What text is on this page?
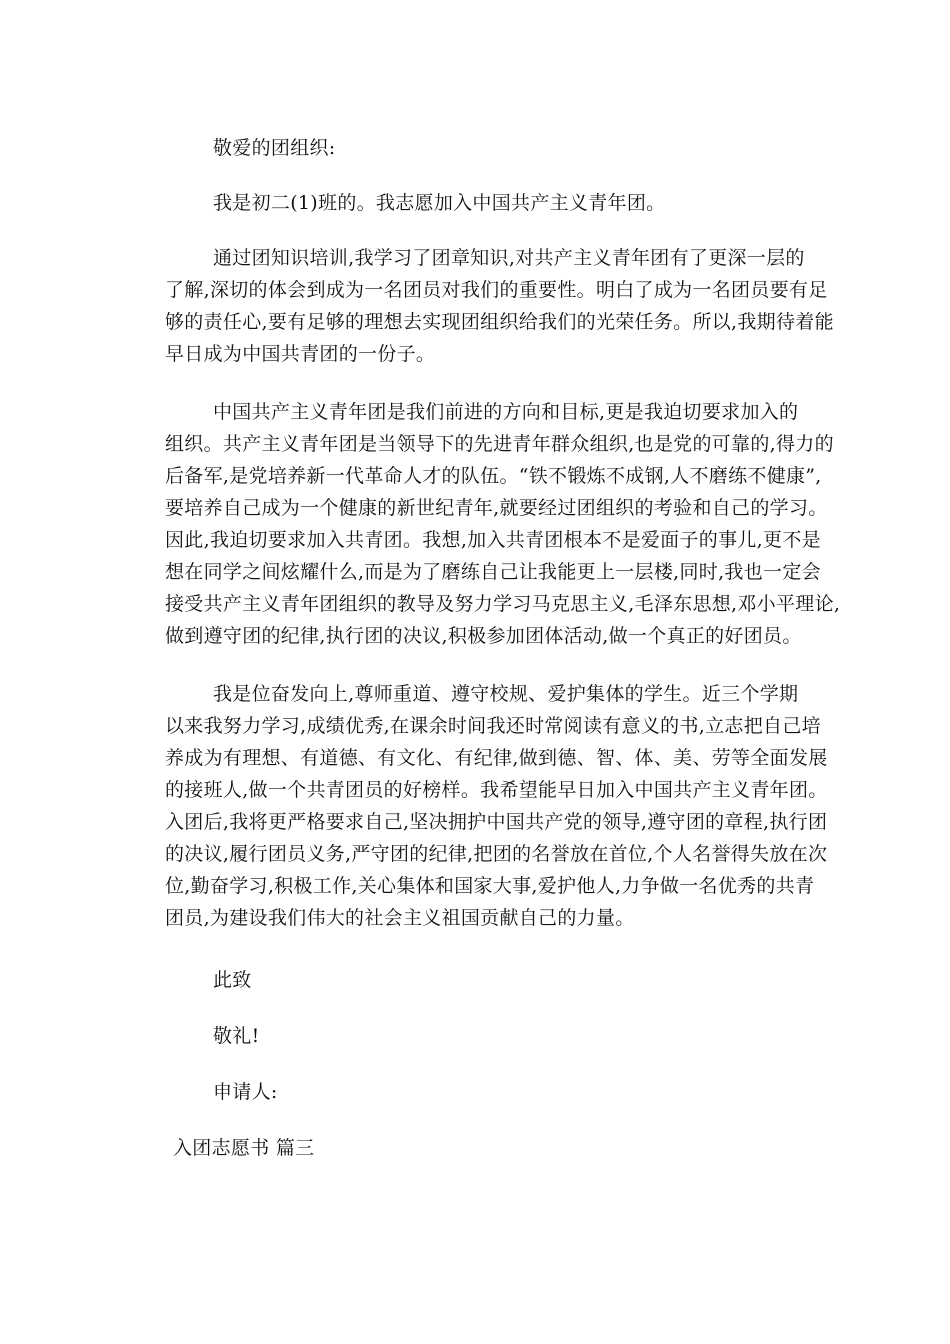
敬爱的团组织:
我是初二(1)班的。我志愿加入中国共产主义青年团。
通过团知识培训,我学习了团章知识,对共产主义青年团有了更深一层的
了解,深切的体会到成为一名团员对我们的重要性。明白了成为一名团员要有足
够的责任心,要有足够的理想去实现团组织给我们的光荣任务。所以,我期待着能
早日成为中国共青团的一份子。
中国共产主义青年团是我们前进的方向和目标,更是我迫切要求加入的
组织。共产主义青年团是当领导下的先进青年群众组织,也是党的可靠的,得力的
后备军,是党培养新一代革命人才的队伍。“铁不锻炼不成钢,人不磨练不健康”,
要培养自己成为一个健康的新世纪青年,就要经过团组织的考验和自己的学习。
因此,我迫切要求加入共青团。我想,加入共青团根本不是爱面子的事儿,更不是
想在同学之间炫耀什么,而是为了磨练自己让我能更上一层楼,同时,我也一定会
接受共产主义青年团组织的教导及努力学习马克思主义,毛泽东思想,邓小平理论,
做到遵守团的纪律,执行团的决议,积极参加团体活动,做一个真正的好团员。
我是位奋发向上,尊师重道、遵守校规、爱护集体的学生。近三个学期
以来我努力学习,成绩优秀,在课余时间我还时常阅读有意义的书,立志把自己培
养成为有理想、有道德、有文化、有纪律,做到德、智、体、美、劳等全面发展
的接班人,做一个共青团员的好榜样。我希望能早日加入中国共产主义青年团。
入团后,我将更严格要求自己,坚决拥护中国共产党的领导,遵守团的章程,执行团
的决议,履行团员义务,严守团的纪律,把团的名誉放在首位,个人名誉得失放在次
位,勤奋学习,积极工作,关心集体和国家大事,爱护他人,力争做一名优秀的共青
团员,为建设我们伟大的社会主义祖国贡献自己的力量。
此致
敬礼!
申请人:
入团志愿书 篇三
